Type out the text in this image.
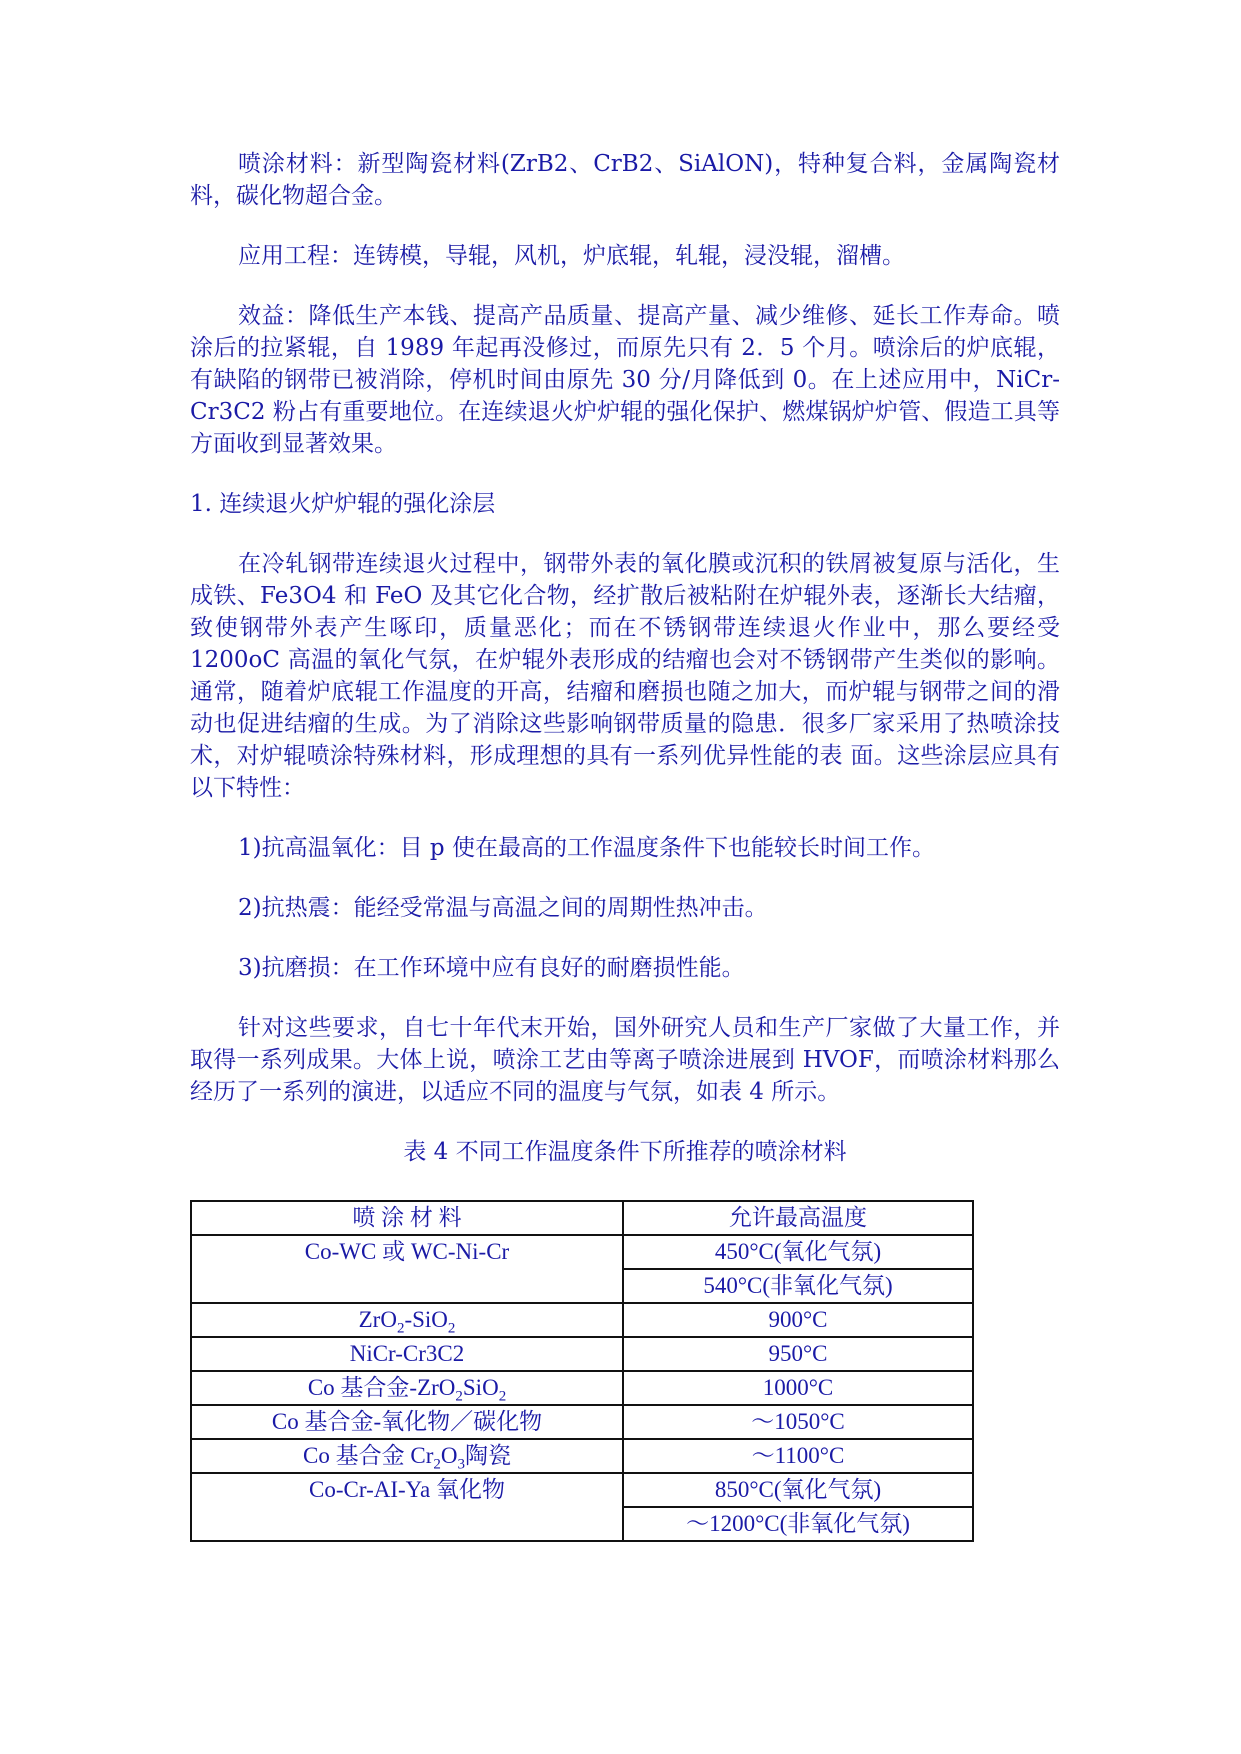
喷涂材料：新型陶瓷材料(ZrB2、CrB2、SiAlON)，特种复合料，金属陶瓷材料，碳化物超合金。

应用工程：连铸模，导辊，风机，炉底辊，轧辊，浸没辊，溜槽。

效益：降低生产本钱、提高产品质量、提高产量、减少维修、延长工作寿命。喷涂后的拉紧辊，自 1989 年起再没修过，而原先只有 2．5 个月。喷涂后的炉底辊，有缺陷的钢带已被消除，停机时间由原先 30 分/月降低到 0。在上述应用中，NiCr-Cr3C2 粉占有重要地位。在连续退火炉炉辊的强化保护、燃煤锅炉炉管、假造工具等方面收到显著效果。

1. 连续退火炉炉辊的强化涂层

在冷轧钢带连续退火过程中，钢带外表的氧化膜或沉积的铁屑被复原与活化，生成铁、Fe3O4 和 FeO 及其它化合物，经扩散后被粘附在炉辊外表，逐渐长大结瘤，致使钢带外表产生啄印，质量恶化；而在不锈钢带连续退火作业中，那么要经受 1200oC 高温的氧化气氛，在炉辊外表形成的结瘤也会对不锈钢带产生类似的影响。通常，随着炉底辊工作温度的开高，结瘤和磨损也随之加大，而炉辊与钢带之间的滑动也促进结瘤的生成。为了消除这些影响钢带质量的隐患．很多厂家采用了热喷涂技术，对炉辊喷涂特殊材料，形成理想的具有一系列优异性能的表 面。这些涂层应具有以下特性：

1)抗高温氧化：目 p 使在最高的工作温度条件下也能较长时间工作。

2)抗热震：能经受常温与高温之间的周期性热冲击。

3)抗磨损：在工作环境中应有良好的耐磨损性能。

针对这些要求，自七十年代末开始，国外研究人员和生产厂家做了大量工作，并取得一系列成果。大体上说，喷涂工艺由等离子喷涂进展到 HVOF，而喷涂材料那么经历了一系列的演进，以适应不同的温度与气氛，如表 4 所示。

表 4 不同工作温度条件下所推荐的喷涂材料
喷 涂 材 料	允许最高温度
Co-WC 或 WC-Ni-Cr	450°C(氧化气氛)
	540°C(非氧化气氛)
ZrO$_2$-SiO$_2$	900°C
NiCr-Cr3C2	950°C
Co 基合金-ZrO$_2$SiO$_2$	1000°C
Co 基合金-氧化物／碳化物	～1050°C
Co 基合金 $Cr_2O_3$陶瓷	～1100°C
Co-Cr-AI-Ya 氧化物	850°C(氧化气氛)
	～1200°C(非氧化气氛)
